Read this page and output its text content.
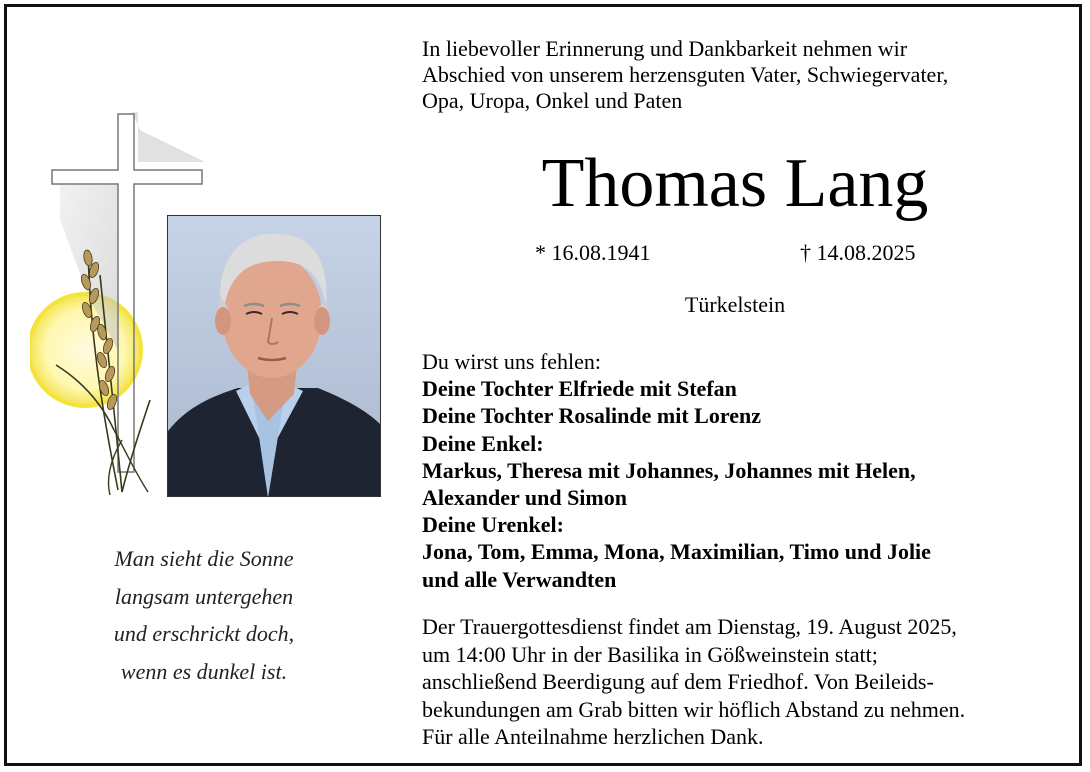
In liebevoller Erinnerung und Dankbarkeit nehmen wir
Abschied von unserem herzensguten Vater, Schwiegervater,
Opa, Uropa, Onkel und Paten

Thomas Lang
* 16.08.1941	† 14.08.2025
Türkelstein
Du wirst uns fehlen:
Deine Tochter Elfriede mit Stefan
Deine Tochter Rosalinde mit Lorenz
Deine Enkel:
Markus, Theresa mit Johannes, Johannes mit Helen,
Alexander und Simon
Deine Urenkel:
Jona, Tom, Emma, Mona, Maximilian, Timo und Jolie
und alle Verwandten

Der Trauergottesdienst findet am Dienstag, 19. August 2025,
um 14:00 Uhr in der Basilika in Gößweinstein statt;
anschließend Beerdigung auf dem Friedhof. Von Beileids-
bekundungen am Grab bitten wir höflich Abstand zu nehmen.
Für alle Anteilnahme herzlichen Dank.

Man sieht die Sonne
langsam untergehen
und erschrickt doch,
wenn es dunkel ist.
